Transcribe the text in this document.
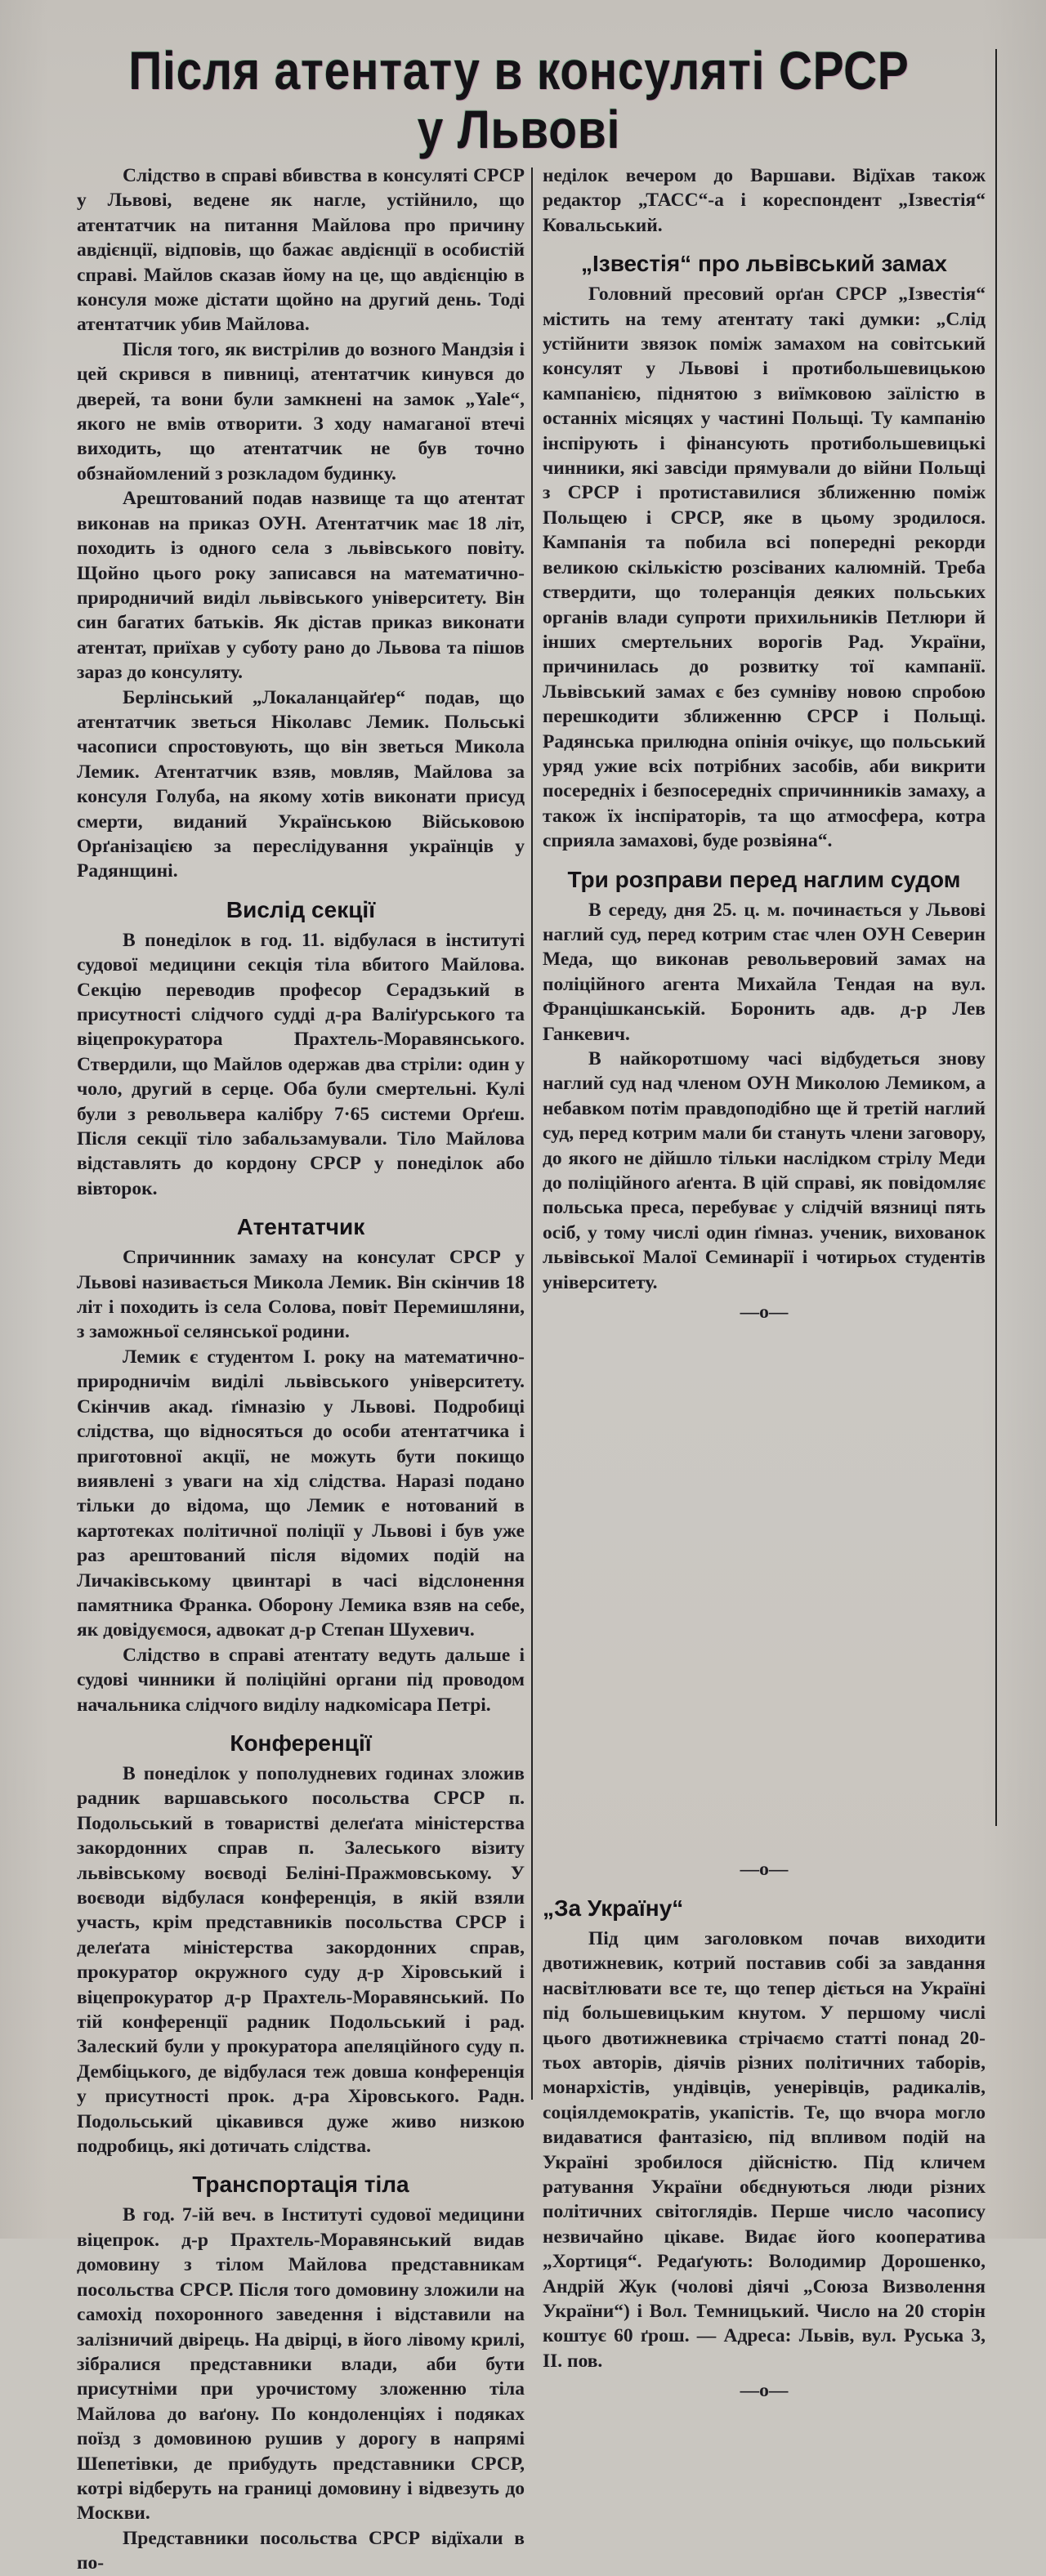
Після атентату в консуляті СРСР
у Львові

Слідство в справі вбивства в консуляті СРСР у Львові, ведене як нагле, устійнило, що атентатчик на питання Майлова про причину авдієнції, відповів, що бажає авдієнції в особистій справі. Майлов сказав йому на це, що авдієнцію в консуля може дістати щойно на другий день. Тоді атентатчик убив Майлова.

Після того, як вистрілив до возного Мандзія і цей скрився в пивниці, атентатчик кинувся до дверей, та вони були замкнені на замок „Yale“, якого не вмів отворити. З ходу намаганої втечі виходить, що атентатчик не був точно обзнайомлений з розкладом будинку.

Арештований подав назвище та що атентат виконав на приказ ОУН. Атентатчик має 18 літ, походить із одного села з львівського повіту. Щойно цього року записався на математично-природничий виділ львівського університету. Він син багатих батьків. Як дістав приказ виконати атентат, приїхав у суботу рано до Львова та пішов зараз до консуляту.

Берлінський „Локаланцайґер“ подав, що атентатчик зветься Ніколавс Лемик. Польські часописи спростовують, що він зветься Микола Лемик. Атентатчик взяв, мовляв, Майлова за консуля Голуба, на якому хотів виконати присуд смерти, виданий Українською Військовою Орґанізацією за переслідування українців у Радянщині.

Вислід секції

В понеділок в год. 11. відбулася в інституті судової медицини секція тіла вбитого Майлова. Секцію переводив професор Серадзький в присутності слідчого судді д-ра Валіґурського та віцепрокуратора Прахтель-Моравянського. Ствердили, що Майлов одержав два стріли: один у чоло, другий в серце. Оба були смертельні. Кулі були з револьвера калібру 7·65 системи Орґеш. Після секції тіло забальзамували. Тіло Майлова відставлять до кордону СРСР у понеділок або вівторок.

Атентатчик

Спричинник замаху на консулат СРСР у Львові називається Микола Лемик. Він скінчив 18 літ і походить із села Солова, повіт Перемишляни, з заможньої селянської родини.

Лемик є студентом I. року на математично-природничім виділі львівського університету. Скінчив акад. ґімназію у Львові. Подробиці слідства, що відносяться до особи атентатчика і приготовної акції, не можуть бути покищо виявлені з уваги на хід слідства. Наразі подано тільки до відома, що Лемик е нотований в картотеках політичної поліції у Львові і був уже раз арештований після відомих подій на Личаківському цвинтарі в часі відслонення памятника Франка. Оборону Лемика взяв на себе, як довідуємося, адвокат д-р Степан Шухевич.

Слідство в справі атентату ведуть дальше і судові чинники й поліційні органи під проводом начальника слідчого виділу надкомісара Петрі.

Конференції

В понеділок у пополудневих годинах зложив радник варшавського посольства СРСР п. Подольський в товаристві делеґата міністерства закордонних справ п. Залеського візиту львівському воєводі Беліні-Пражмовському. У воєводи відбулася конференція, в якій взяли участь, крім представників посольства СРСР і делеґата міністерства закордонних справ, прокуратор окружного суду д-р Хіровський і віцепрокуратор д-р Прахтель-Моравянський. По тій конференції радник Подольський і рад. Залеский були у прокуратора апеляційного суду п. Дембіцького, де відбулася теж довша конференція у присутності прок. д-ра Хіровського. Радн. Подольський цікавився дуже живо низкою подробиць, які дотичать слідства.

Транспортація тіла

В год. 7-ій веч. в Інституті судової медицини віцепрок. д-р Прахтель-Моравянський видав домовину з тілом Майлова представникам посольства СРСР. Після того домовину зложили на самохід похоронного заведення і відставили на залізничий двірець. На двірці, в його лівому крилі, зібралися представники влади, аби бути присутніми при урочистому зложенню тіла Майлова до ваґону. По кондоленціях і подяках поїзд з домовиною рушив у дорогу в напрямі Шепетівки, де прибудуть представники СРСР, котрі відберуть на границі домовину і відвезуть до Москви.

Представники посольства СРСР відїхали в по-

неділок вечером до Варшави. Відїхав також редактор „ТАСС“-а і кореспондент „Ізвестія“ Ковальський.

„Ізвестія“ про львівський замах

Головний пресовий орґан СРСР „Ізвестія“ містить на тему атентату такі думки: „Слід устійнити звязок поміж замахом на совітський консулят у Львові і протибольшевицькою кампанією, піднятою з виїмковою заїлістю в останніх місяцях у частині Польщі. Ту кампанію інспірують і фінансують протибольшевицькі чинники, які завсіди прямували до війни Польщі з СРСР і протиставилися зближенню поміж Польщею і СРСР, яке в цьому зродилося. Кампанія та побила всі попередні рекорди великою скількістю розсіваних калюмній. Треба ствердити, що толеранція деяких польських органів влади супроти прихильників Петлюри й інших смертельних ворогів Рад. України, причинилась до розвитку тої кампанії. Львівський замах є без сумніву новою спробою перешкодити зближенню СРСР і Польщі. Радянська прилюдна опінія очікує, що польський уряд ужие всіх потрібних засобів, аби викрити посередніх і безпосередніх спричинників замаху, а також їх інспіраторів, та що атмосфера, котра сприяла замахові, буде розвіяна“.

Три розправи перед наглим судом

В середу, дня 25. ц. м. починається у Львові наглий суд, перед котрим стає член ОУН Северин Меда, що виконав револьверовий замах на поліційного агента Михайла Тендая на вул. Францішканській. Боронить адв. д-р Лев Ганкевич.

В найкоротшому часі відбудеться знову наглий суд над членом ОУН Миколою Лемиком, а небавком потім правдоподібно ще й третій наглий суд, перед котрим мали би стануть члени заговору, до якого не дійшло тільки наслідком стрілу Меди до поліційного аґента. В цій справі, як повідомляє польська преса, перебуває у слідчій вязниці пять осіб, у тому числі один ґімназ. ученик, вихованок львівської Малої Семинарії і чотирьох студентів університету.

—о—
—о—
„За Україну“

Під цим заголовком почав виходити двотижневик, котрий поставив собі за завдання насвітлювати все те, що тепер діється на Україні під большевицьким кнутом. У першому числі цього двотижневика стрічаємо статті понад 20-тьох авторів, діячів різних політичних таборів, монархістів, ундівців, уенерівців, радикалів, соціялдемократів, укапістів. Те, що вчора могло видаватися фантазією, під впливом подій на Україні зробилося дійсністю. Під кличем ратування України обєднуються люди різних політичних світоглядів. Перше число часопису незвичайно цікаве. Видає його кооператива „Хортиця“. Редаґують: Володимир Дорошенко, Андрій Жук (чолові діячі „Союза Визволення України“) і Вол. Темницький. Число на 20 сторін коштує 60 ґрош. — Адреса: Львів, вул. Руська 3, II. пов.

—о—
